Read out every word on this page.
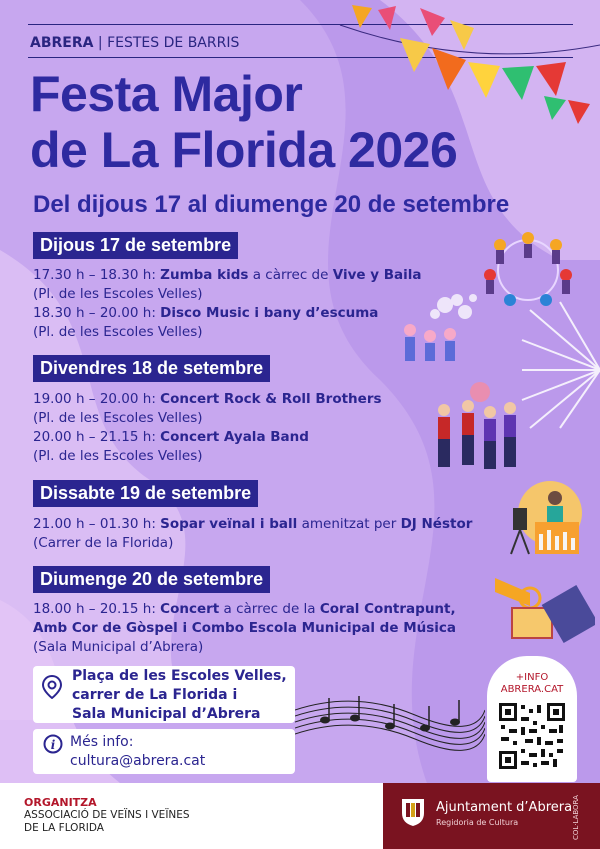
ABRERA | FESTES DE BARRIS
Festa Major
de La Florida 2026
Del dijous 17 al diumenge 20 de setembre
Dijous 17 de setembre
17.30 h – 18.30 h: Zumba kids a càrrec de Vive y Baila
(Pl. de les Escoles Velles)
18.30 h – 20.00 h: Disco Music i bany d’escuma
(Pl. de les Escoles Velles)
Divendres 18 de setembre
19.00 h – 20.00 h: Concert Rock & Roll Brothers
(Pl. de les Escoles Velles)
20.00 h – 21.15 h: Concert Ayala Band
(Pl. de les Escoles Velles)
Dissabte 19 de setembre
21.00 h – 01.30 h: Sopar veïnal i ball amenitzat per DJ Néstor
(Carrer de la Florida)
Diumenge 20 de setembre
18.00 h – 20.15 h: Concert a càrrec de la Coral Contrapunt,
Amb Cor de Gòspel i Combo Escola Municipal de Música
(Sala Municipal d’Abrera)
Plaça de les Escoles Velles,
carrer de La Florida i
Sala Municipal d’Abrera
i Més info:
cultura@abrera.cat
+INFO
ABRERA.CAT
ORGANITZA
ASSOCIACIÓ DE VEÏNS I VEÏNES
DE LA FLORIDA
Ajuntament d’Abrera
Regidoria de Cultura	COL·LABORA
